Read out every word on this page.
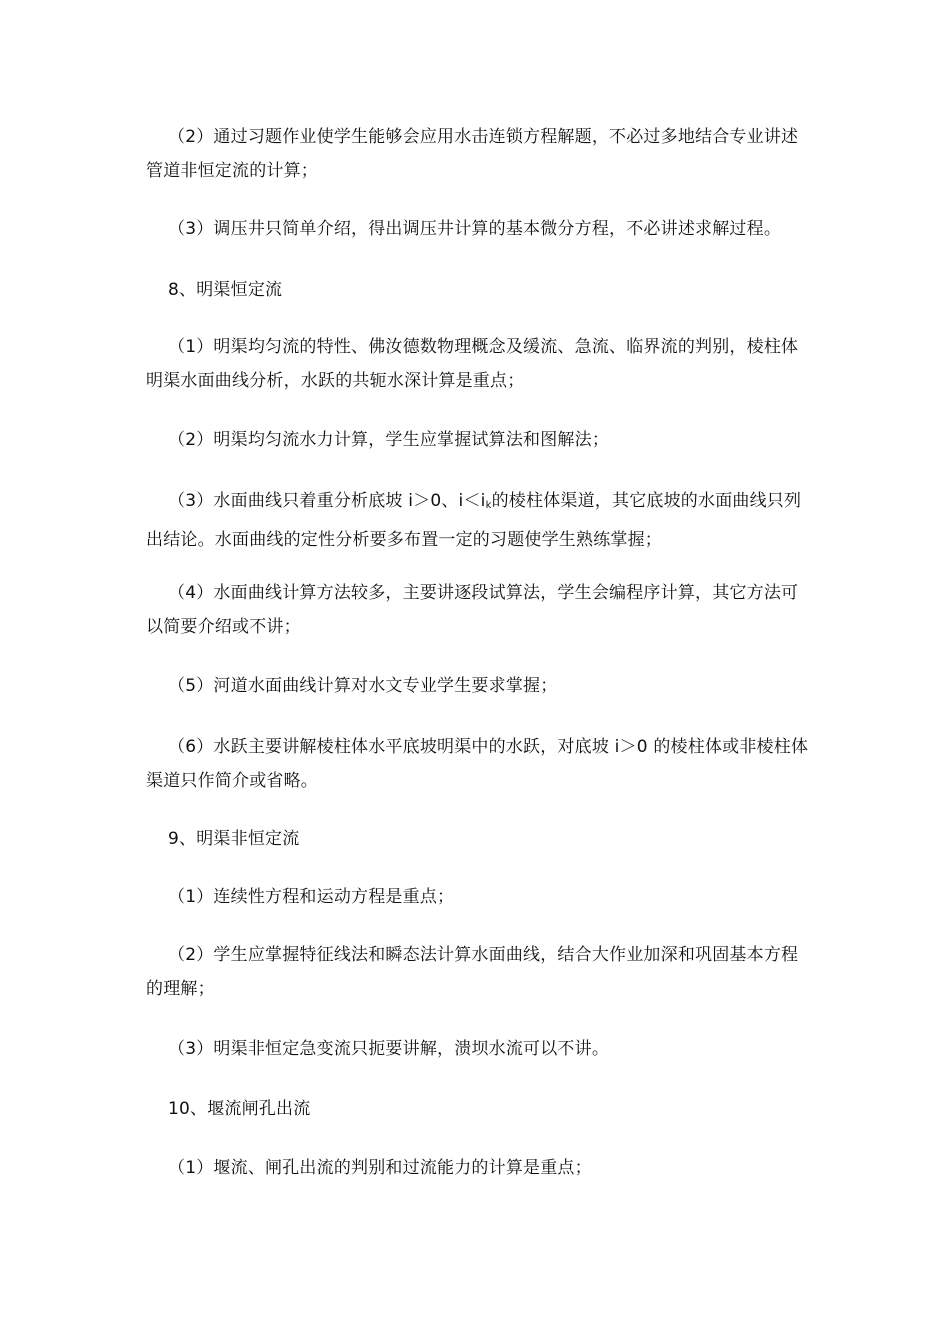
（2）通过习题作业使学生能够会应用水击连锁方程解题，不必过多地结合专业讲述管道非恒定流的计算；

（3）调压井只简单介绍，得出调压井计算的基本微分方程，不必讲述求解过程。

8、明渠恒定流

（1）明渠均匀流的特性、佛汝德数物理概念及缓流、急流、临界流的判别，棱柱体明渠水面曲线分析，水跃的共轭水深计算是重点；

（2）明渠均匀流水力计算，学生应掌握试算法和图解法；

（3）水面曲线只着重分析底坡 i＞0、$i<i_k$的棱柱体渠道，其它底坡的水面曲线只列出结论。水面曲线的定性分析要多布置一定的习题使学生熟练掌握；

（4）水面曲线计算方法较多，主要讲逐段试算法，学生会编程序计算，其它方法可以简要介绍或不讲；

（5）河道水面曲线计算对水文专业学生要求掌握；

（6）水跃主要讲解棱柱体水平底坡明渠中的水跃，对底坡 i＞0 的棱柱体或非棱柱体渠道只作简介或省略。

9、明渠非恒定流

（1）连续性方程和运动方程是重点；

（2）学生应掌握特征线法和瞬态法计算水面曲线，结合大作业加深和巩固基本方程的理解；

（3）明渠非恒定急变流只扼要讲解，溃坝水流可以不讲。

10、堰流闸孔出流

（1）堰流、闸孔出流的判别和过流能力的计算是重点；
